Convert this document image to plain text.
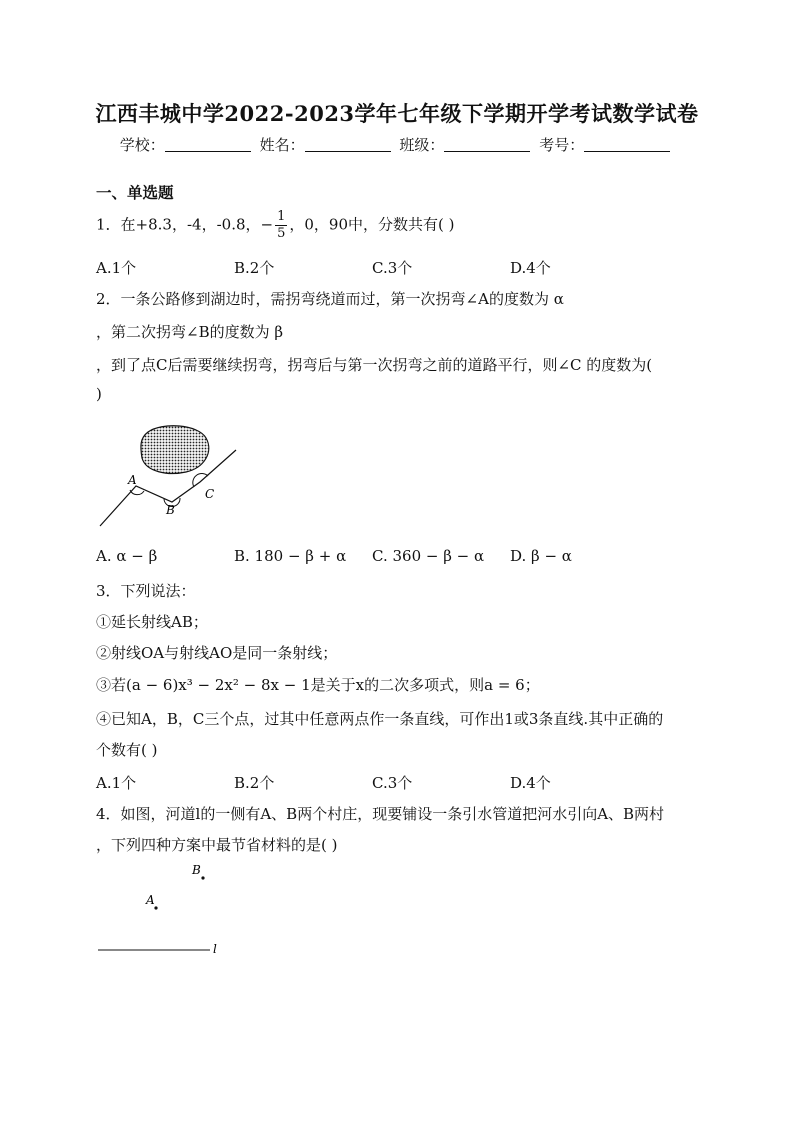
江西丰城中学2022-2023学年七年级下学期开学考试数学试卷
学校：	姓名：	班级：	考号：
一、单选题
1．在+8.3，-4，-0.8，− $\frac{1}{5}$ ，0，90中，分数共有( )
A.1个	B.2个	C.3个	D.4个
2．一条公路修到湖边时，需拐弯绕道而过，第一次拐弯∠A的度数为 α
，第二次拐弯∠B的度数为 β
，到了点C后需要继续拐弯，拐弯后与第一次拐弯之前的道路平行，则∠C 的度数为(
)
A
B
C
A. α − β	B. 180 − β + α C. 360 − β − α D. β − α
3．下列说法：
①延长射线AB；
②射线OA与射线AO是同一条射线；
③若(a − 6)x³ − 2x² − 8x − 1是关于x的二次多项式，则a = 6；
④已知A，B，C三个点，过其中任意两点作一条直线，可作出1或3条直线.其中正确的
个数有( )
A.1个	B.2个	C.3个	D.4个
4．如图，河道l的一侧有A、B两个村庄，现要铺设一条引水管道把河水引向A、B两村
，下列四种方案中最节省材料的是( )
B
A
l
